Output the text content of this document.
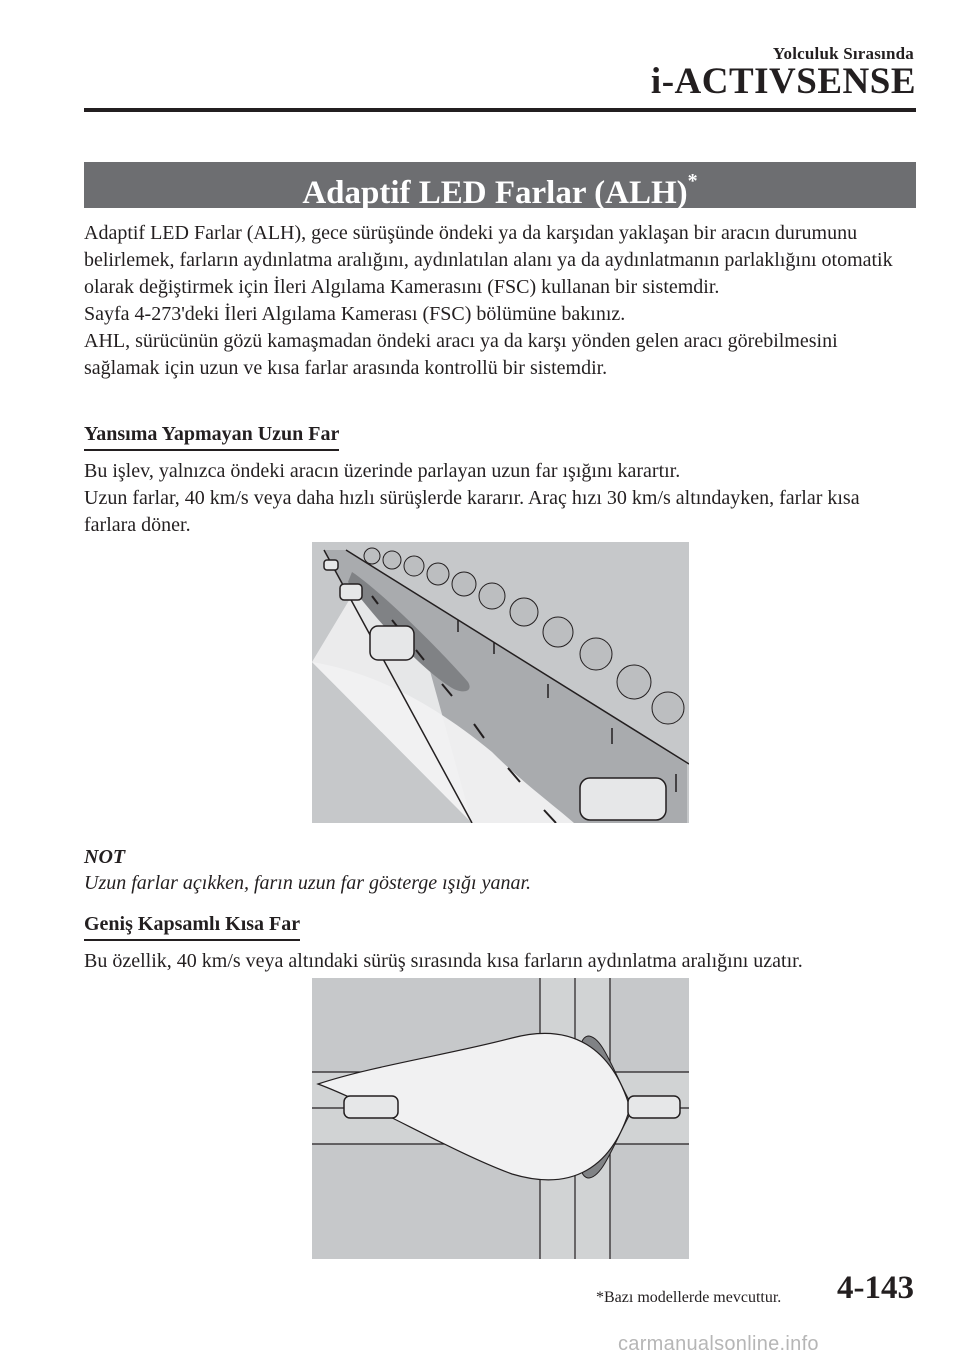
Yolculuk Sırasında
i-ACTIVSENSE
Adaptif LED Farlar (ALH)*

Adaptif LED Farlar (ALH), gece sürüşünde öndeki ya da karşıdan yaklaşan bir aracın durumunu belirlemek, farların aydınlatma aralığını, aydınlatılan alanı ya da aydınlatmanın parlaklığını otomatik olarak değiştirmek için İleri Algılama Kamerasını (FSC) kullanan bir sistemdir.

Sayfa 4-273'deki İleri Algılama Kamerası (FSC) bölümüne bakınız.

AHL, sürücünün gözü kamaşmadan öndeki aracı ya da karşı yönden gelen aracı görebilmesini sağlamak için uzun ve kısa farlar arasında kontrollü bir sistemdir.

Yansıma Yapmayan Uzun Far

Bu işlev, yalnızca öndeki aracın üzerinde parlayan uzun far ışığını karartır.

Uzun farlar, 40 km/s veya daha hızlı sürüşlerde kararır. Araç hızı 30 km/s altındayken, farlar kısa farlara döner.

NOT
Uzun farlar açıkken, farın uzun far gösterge ışığı yanar.
Geniş Kapsamlı Kısa Far

Bu özellik, 40 km/s veya altındaki sürüş sırasında kısa farların aydınlatma aralığını uzatır.

*Bazı modellerde mevcuttur. 4-143
carmanualsonline.info
